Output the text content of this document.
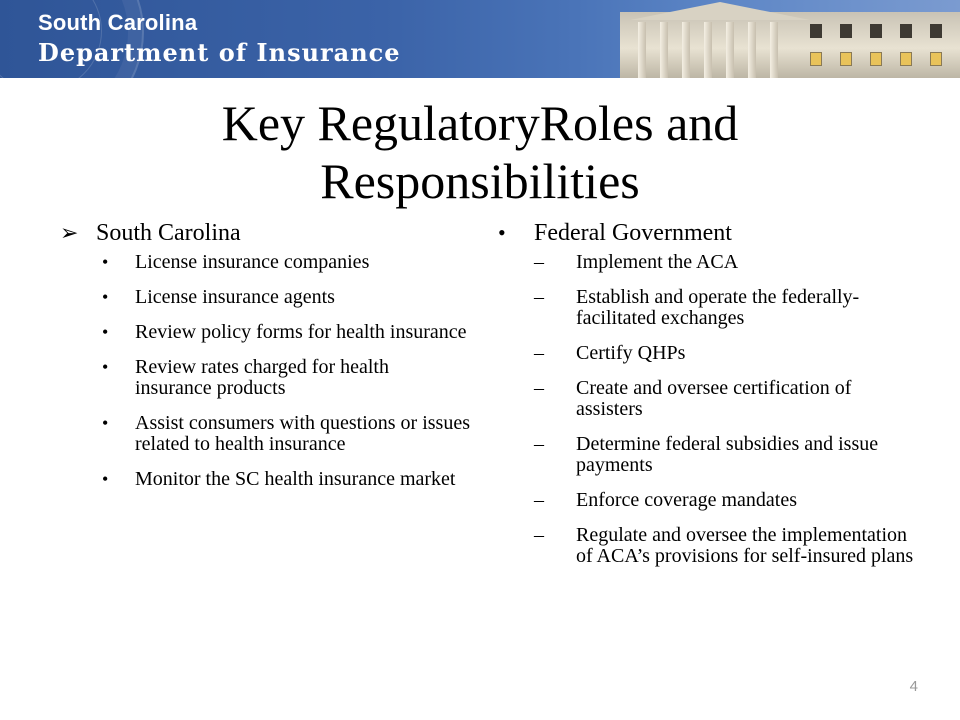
South Carolina
Department of Insurance
Key RegulatoryRoles and
Responsibilities
➢ South Carolina
•	License insurance companies
•	License insurance agents
•	Review policy forms for health insurance
•	Review rates charged for health insurance products
•	Assist consumers with questions or issues related to health insurance
•	Monitor the SC health insurance market
• Federal Government
– Implement the ACA
– Establish and operate the federally-facilitated exchanges
– Certify QHPs
– Create and oversee certification of assisters
– Determine federal subsidies and issue payments
– Enforce coverage mandates
– Regulate and oversee the implementation of ACA’s provisions for self-insured plans
4
